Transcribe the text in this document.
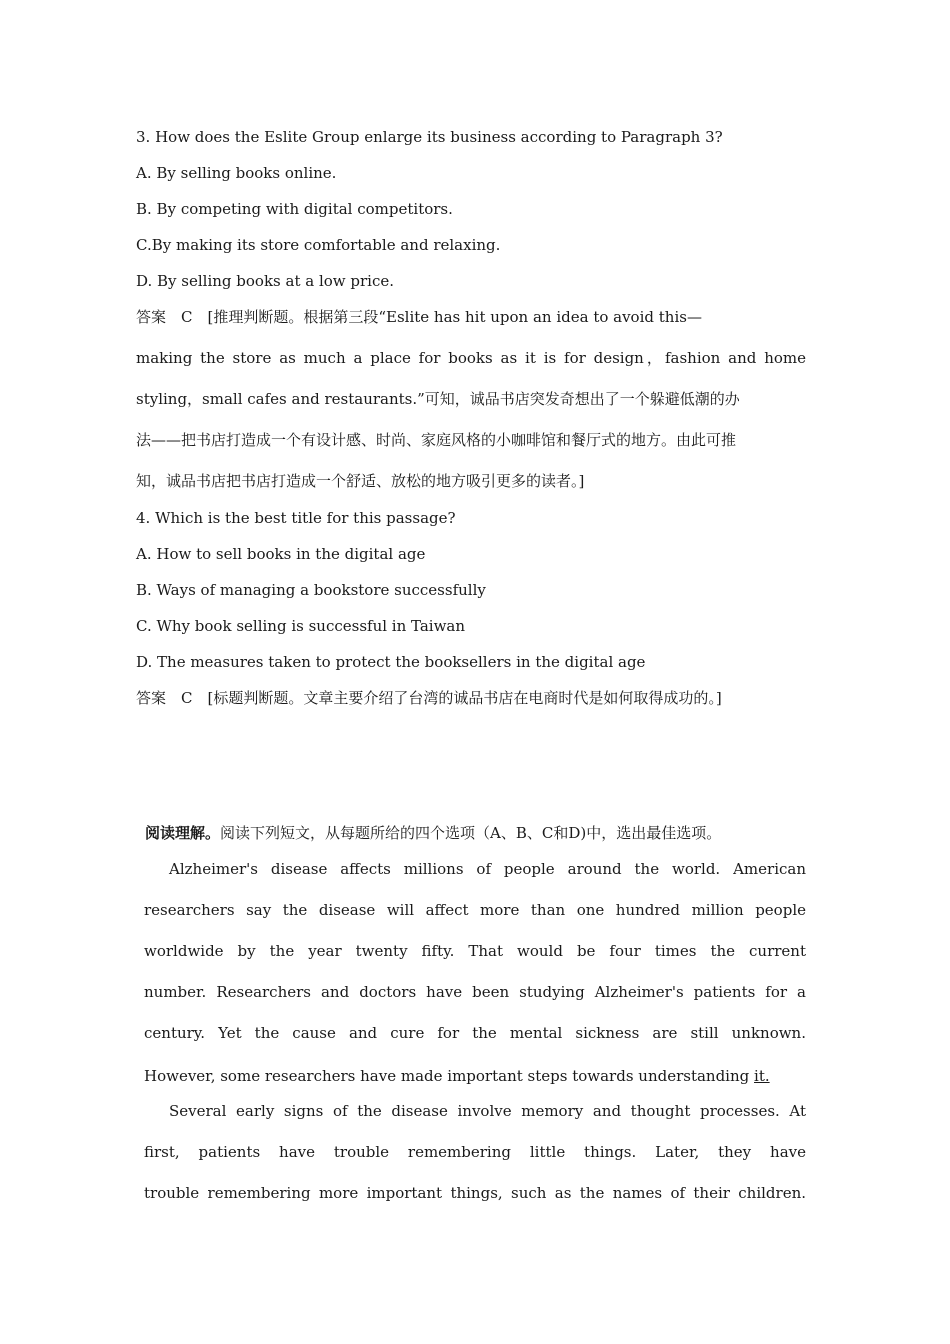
3. How does the Eslite Group enlarge its business according to Paragraph 3?
A. By selling books online.
B. By competing with digital competitors.
C.By making its store comfortable and relaxing.
D. By selling books at a low price.
答案　C　[推理判断题。根据第三段“Eslite has hit upon an idea to avoid this—
making the store as much a place for books as it is for design，fashion and home
styling，small cafes and restaurants.”可知，诚品书店突发奇想出了一个躲避低潮的办
法——把书店打造成一个有设计感、时尚、家庭风格的小咖啡馆和餐厅式的地方。由此可推
知，诚品书店把书店打造成一个舒适、放松的地方吸引更多的读者。]
4. Which is the best title for this passage?
A. How to sell books in the digital age
B. Ways of managing a bookstore successfully
C. Why book selling is successful in Taiwan
D. The measures taken to protect the booksellers in the digital age
答案　C　[标题判断题。文章主要介绍了台湾的诚品书店在电商时代是如何取得成功的。]
阅读理解。阅读下列短文，从每题所给的四个选项（A、B、C和D)中，选出最佳选项。
Alzheimer's disease affects millions of people around the world. American
researchers say the disease will affect more than one hundred million people
worldwide by the year twenty fifty. That would be four times the current
number. Researchers and doctors have been studying Alzheimer's patients for a
century. Yet the cause and cure for the mental sickness are still unknown.
However, some researchers have made important steps towards understanding it.
Several early signs of the disease involve memory and thought processes. At
first, patients have trouble remembering little things. Later, they have
trouble remembering more important things, such as the names of their children.
